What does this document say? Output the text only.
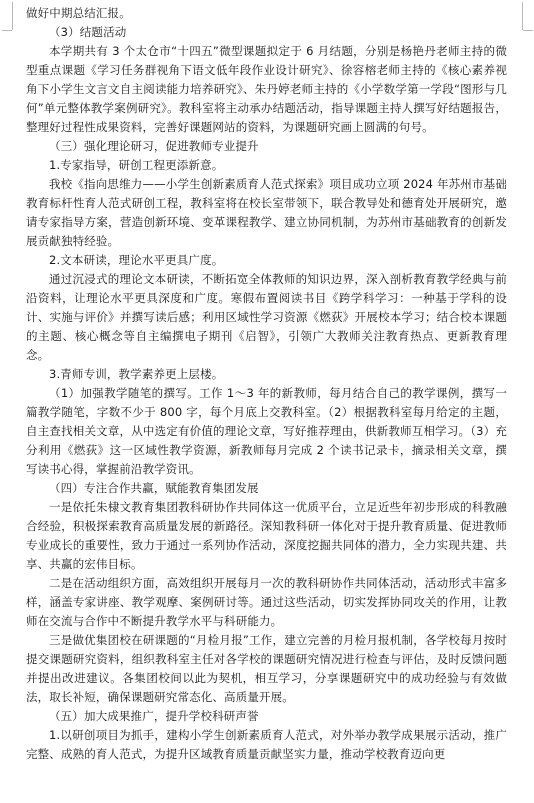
做好中期总结汇报。

（3）结题活动

本学期共有 3 个太仓市“十四五”微型课题拟定于 6 月结题，分别是杨艳丹老师主持的微型重点课题《学习任务群视角下语文低年段作业设计研究》、徐容榕老师主持的《核心素养视角下小学生文言文自主阅读能力培养研究》、朱丹婷老师主持的《小学数学第一学段“图形与几何”单元整体教学案例研究》。教科室将主动承办结题活动，指导课题主持人撰写好结题报告，整理好过程性成果资料，完善好课题网站的资料，为课题研究画上圆满的句号。

（三）强化理论研习，促进教师专业提升

1.专家指导，研创工程更添新意。

我校《指向思维力——小学生创新素质育人范式探索》项目成功立项 2024 年苏州市基础教育标杆性育人范式研创工程，教科室将在校长室带领下，联合教导处和德育处开展研究，邀请专家指导方案，营造创新环境、变革课程教学、建立协同机制，为苏州市基础教育的创新发展贡献独特经验。

2.文本研读，理论水平更具广度。

通过沉浸式的理论文本研读，不断拓宽全体教师的知识边界，深入剖析教育教学经典与前沿资料，让理论水平更具深度和广度。寒假布置阅读书目《跨学科学习：一种基于学科的设计、实施与评价》并撰写读后感；利用区域性学习资源《燃荻》开展校本学习；结合校本课题的主题、核心概念等自主编撰电子期刊《启智》，引领广大教师关注教育热点、更新教育理念。

3.青师专训，教学素养更上层楼。

（1）加强教学随笔的撰写。工作 1～3 年的新教师，每月结合自己的教学课例，撰写一篇教学随笔，字数不少于 800 字，每个月底上交教科室。（2）根据教科室每月给定的主题，自主查找相关文章，从中选定有价值的理论文章，写好推荐理由，供新教师互相学习。（3）充分利用《燃荻》这一区域性教学资源，新教师每月完成 2 个读书记录卡，摘录相关文章，撰写读书心得，掌握前沿教学资讯。

（四）专注合作共赢，赋能教育集团发展

一是依托朱棣文教育集团教科研协作共同体这一优质平台，立足近些年初步形成的科教融合经验，积极探索教育高质量发展的新路径。深知教科研一体化对于提升教育质量、促进教师专业成长的重要性，致力于通过一系列协作活动，深度挖掘共同体的潜力，全力实现共建、共享、共赢的宏伟目标。

二是在活动组织方面，高效组织开展每月一次的教科研协作共同体活动，活动形式丰富多样，涵盖专家讲座、教学观摩、案例研讨等。通过这些活动，切实发挥协同攻关的作用，让教师在交流与合作中不断提升教学水平与科研能力。

三是做优集团校在研课题的“月检月报”工作，建立完善的月检月报机制，各学校每月按时提交课题研究资料，组织教科室主任对各学校的课题研究情况进行检查与评估，及时反馈问题并提出改进建议。各集团校间以此为契机，相互学习，分享课题研究中的成功经验与有效做法，取长补短，确保课题研究常态化、高质量开展。

（五）加大成果推广，提升学校科研声誉

1.以研创项目为抓手，建构小学生创新素质育人范式，对外举办教学成果展示活动，推广完整、成熟的育人范式，为提升区域教育质量贡献坚实力量，推动学校教育迈向更
